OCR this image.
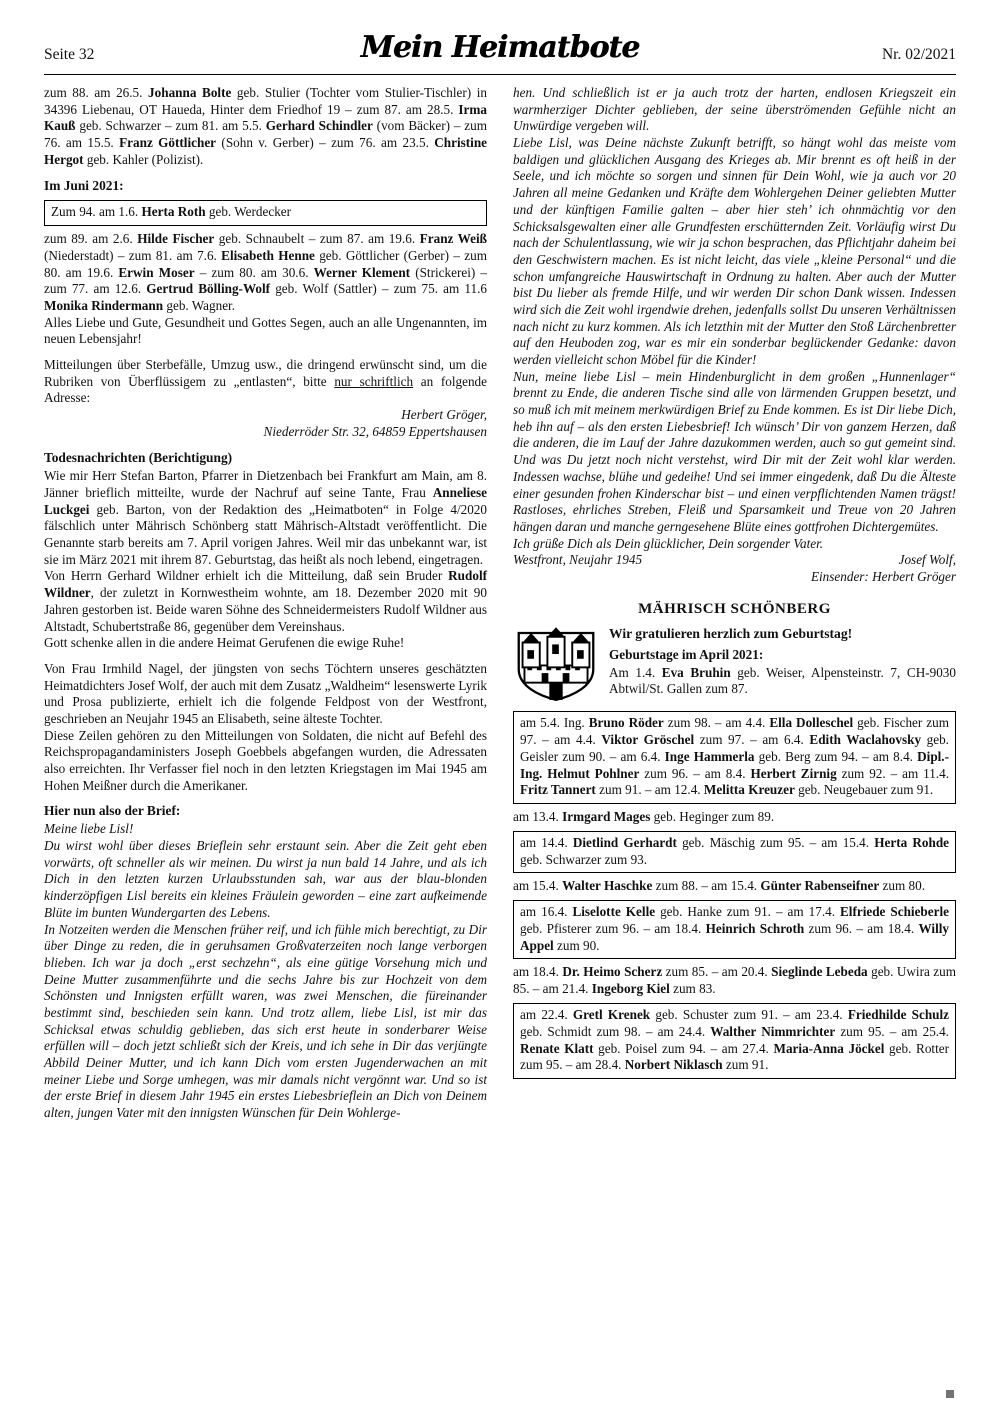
Seite 32	Mein Heimatbote	Nr. 02/2021

zum 88. am 26.5. Johanna Bolte geb. Stulier (Tochter vom Stulier-Tischler) in 34396 Liebenau, OT Haueda, Hinter dem Friedhof 19 – zum 87. am 28.5. Irma Kauß geb. Schwarzer – zum 81. am 5.5. Gerhard Schindler (vom Bäcker) – zum 76. am 15.5. Franz Göttlicher (Sohn v. Gerber) – zum 76. am 23.5. Christine Hergot geb. Kahler (Polizist).

Im Juni 2021:
Zum 94. am 1.6. Herta Roth geb. Werdecker

zum 89. am 2.6. Hilde Fischer geb. Schnaubelt – zum 87. am 19.6. Franz Weiß (Niederstadt) – zum 81. am 7.6. Elisabeth Henne geb. Göttlicher (Gerber) – zum 80. am 19.6. Erwin Moser – zum 80. am 30.6. Werner Klement (Strickerei) – zum 77. am 12.6. Gertrud Bölling-Wolf geb. Wolf (Sattler) – zum 75. am 11.6 Monika Rindermann geb. Wagner.

Alles Liebe und Gute, Gesundheit und Gottes Segen, auch an alle Ungenannten, im neuen Lebensjahr!

Mitteilungen über Sterbefälle, Umzug usw., die dringend erwünscht sind, um die Rubriken von Überflüssigem zu „entlasten“, bitte nur schriftlich an folgende Adresse:

Herbert Gröger,

Niederröder Str. 32, 64859 Eppertshausen

Todesnachrichten (Berichtigung)

Wie mir Herr Stefan Barton, Pfarrer in Dietzenbach bei Frankfurt am Main, am 8. Jänner brieflich mitteilte, wurde der Nachruf auf seine Tante, Frau Anneliese Luckgei geb. Barton, von der Redaktion des „Heimatboten“ in Folge 4/2020 fälschlich unter Mährisch Schönberg statt Mährisch-Altstadt veröffentlicht. Die Genannte starb bereits am 7. April vorigen Jahres. Weil mir das unbekannt war, ist sie im März 2021 mit ihrem 87. Geburtstag, das heißt als noch lebend, eingetragen.

Von Herrn Gerhard Wildner erhielt ich die Mitteilung, daß sein Bruder Rudolf Wildner, der zuletzt in Kornwestheim wohnte, am 18. Dezember 2020 mit 90 Jahren gestorben ist. Beide waren Söhne des Schneidermeisters Rudolf Wildner aus Altstadt, Schubertstraße 86, gegenüber dem Vereinshaus.

Gott schenke allen in die andere Heimat Gerufenen die ewige Ruhe!

Von Frau Irmhild Nagel, der jüngsten von sechs Töchtern unseres geschätzten Heimatdichters Josef Wolf, der auch mit dem Zusatz „Waldheim“ lesenswerte Lyrik und Prosa publizierte, erhielt ich die folgende Feldpost von der Westfront, geschrieben an Neujahr 1945 an Elisabeth, seine älteste Tochter.

Diese Zeilen gehören zu den Mitteilungen von Soldaten, die nicht auf Befehl des Reichspropagandaministers Joseph Goebbels abgefangen wurden, die Adressaten also erreichten. Ihr Verfasser fiel noch in den letzten Kriegstagen im Mai 1945 am Hohen Meißner durch die Amerikaner.

Hier nun also der Brief:

Meine liebe Lisl!

Du wirst wohl über dieses Brieflein sehr erstaunt sein. Aber die Zeit geht eben vorwärts, oft schneller als wir meinen. Du wirst ja nun bald 14 Jahre, und als ich Dich in den letzten kurzen Urlaubsstunden sah, war aus der blau-blonden kinderzöpfigen Lisl bereits ein kleines Fräulein geworden – eine zart aufkeimende Blüte im bunten Wundergarten des Lebens.

In Notzeiten werden die Menschen früher reif, und ich fühle mich berechtigt, zu Dir über Dinge zu reden, die in geruhsamen Großvaterzeiten noch lange verborgen blieben. Ich war ja doch „erst sechzehn“, als eine gütige Vorsehung mich und Deine Mutter zusammenführte und die sechs Jahre bis zur Hochzeit von dem Schönsten und Innigsten erfüllt waren, was zwei Menschen, die füreinander bestimmt sind, beschieden sein kann. Und trotz allem, liebe Lisl, ist mir das Schicksal etwas schuldig geblieben, das sich erst heute in sonderbarer Weise erfüllen will – doch jetzt schließt sich der Kreis, und ich sehe in Dir das verjüngte Abbild Deiner Mutter, und ich kann Dich vom ersten Jugenderwachen an mit meiner Liebe und Sorge umhegen, was mir damals nicht vergönnt war. Und so ist der erste Brief in diesem Jahr 1945 ein erstes Liebesbrieflein an Dich von Deinem alten, jungen Vater mit den innigsten Wünschen für Dein Wohlerge-

hen. Und schließlich ist er ja auch trotz der harten, endlosen Kriegszeit ein warmherziger Dichter geblieben, der seine überströmenden Gefühle nicht an Unwürdige vergeben will.

Liebe Lisl, was Deine nächste Zukunft betrifft, so hängt wohl das meiste vom baldigen und glücklichen Ausgang des Krieges ab. Mir brennt es oft heiß in der Seele, und ich möchte so sorgen und sinnen für Dein Wohl, wie ja auch vor 20 Jahren all meine Gedanken und Kräfte dem Wohlergehen Deiner geliebten Mutter und der künftigen Familie galten – aber hier steh’ ich ohnmächtig vor den Schicksalsgewalten einer alle Grundfesten erschütternden Zeit. Vorläufig wirst Du nach der Schulentlassung, wie wir ja schon besprachen, das Pflichtjahr daheim bei den Geschwistern machen. Es ist nicht leicht, das viele „kleine Personal“ und die schon umfangreiche Hauswirtschaft in Ordnung zu halten. Aber auch der Mutter bist Du lieber als fremde Hilfe, und wir werden Dir schon Dank wissen. Indessen wird sich die Zeit wohl irgendwie drehen, jedenfalls sollst Du unseren Verhältnissen nach nicht zu kurz kommen. Als ich letzthin mit der Mutter den Stoß Lärchenbretter auf den Heuboden zog, war es mir ein sonderbar beglückender Gedanke: davon werden vielleicht schon Möbel für die Kinder!

Nun, meine liebe Lisl – mein Hindenburglicht in dem großen „Hunnenlager“ brennt zu Ende, die anderen Tische sind alle von lärmenden Gruppen besetzt, und so muß ich mit meinem merkwürdigen Brief zu Ende kommen. Es ist Dir liebe Dich, heb ihn auf – als den ersten Liebesbrief! Ich wünsch’ Dir von ganzem Herzen, daß die anderen, die im Lauf der Jahre dazukommen werden, auch so gut gemeint sind. Und was Du jetzt noch nicht verstehst, wird Dir mit der Zeit wohl klar werden. Indessen wachse, blühe und gedeihe! Und sei immer eingedenk, daß Du die Älteste einer gesunden frohen Kinderschar bist – und einen verpflichtenden Namen trägst! Rastloses, ehrliches Streben, Fleiß und Sparsamkeit und Treue von 20 Jahren hängen daran und manche gerngesehene Blüte eines gottfrohen Dichtergemütes.

Ich grüße Dich als Dein glücklicher, Dein sorgender Vater.

Westfront, Neujahr 1945	Josef Wolf,

Einsender: Herbert Gröger

MÄHRISCH SCHÖNBERG
Wir gratulieren herzlich zum Geburtstag!
Geburtstage im April 2021:
Am 1.4. Eva Bruhin geb. Weiser, Alpensteinstr. 7, CH-9030 Abtwil/St. Gallen zum 87.
am 5.4. Ing. Bruno Röder zum 98. – am 4.4. Ella Dolleschel geb. Fischer zum 97. – am 4.4. Viktor Gröschel zum 97. – am 6.4. Edith Waclahovsky geb. Geisler zum 90. – am 6.4. Inge Hammerla geb. Berg zum 94. – am 8.4. Dipl.-Ing. Helmut Pohlner zum 96. – am 8.4. Herbert Zirnig zum 92. – am 11.4. Fritz Tannert zum 91. – am 12.4. Melitta Kreuzer geb. Neugebauer zum 91.
am 13.4. Irmgard Mages geb. Heginger zum 89.
am 14.4. Dietlind Gerhardt geb. Mäschig zum 95. – am 15.4. Herta Rohde geb. Schwarzer zum 93.
am 15.4. Walter Haschke zum 88. – am 15.4. Günter Rabenseifner zum 80.
am 16.4. Liselotte Kelle geb. Hanke zum 91. – am 17.4. Elfriede Schieberle geb. Pfisterer zum 96. – am 18.4. Heinrich Schroth zum 96. – am 18.4. Willy Appel zum 90.
am 18.4. Dr. Heimo Scherz zum 85. – am 20.4. Sieglinde Lebeda geb. Uwira zum 85. – am 21.4. Ingeborg Kiel zum 83.
am 22.4. Gretl Krenek geb. Schuster zum 91. – am 23.4. Friedhilde Schulz geb. Schmidt zum 98. – am 24.4. Walther Nimmrichter zum 95. – am 25.4. Renate Klatt geb. Poisel zum 94. – am 27.4. Maria-Anna Jöckel geb. Rotter zum 95. – am 28.4. Norbert Niklasch zum 91.
